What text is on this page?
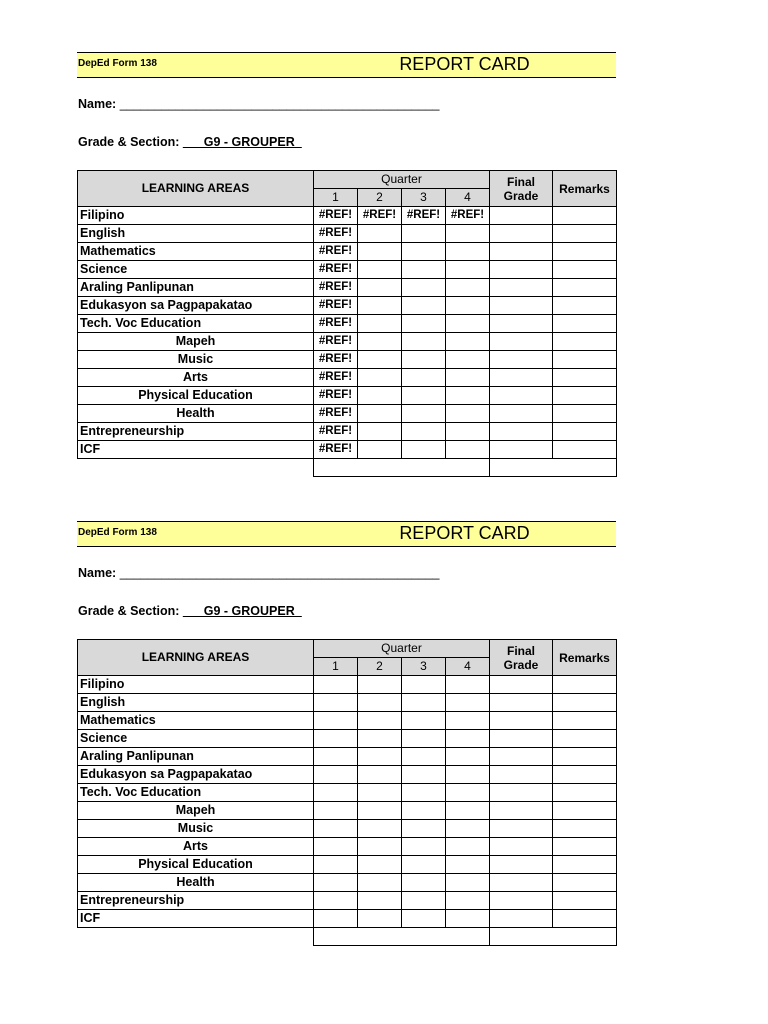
DepEd Form 138	REPORT CARD
Name: ______________________________________________
Grade & Section: ___G9 - GROUPER_
LEARNING AREAS	Quarter				Final Grade	Remarks
	1	2	3	4		
Filipino	#REF!	#REF!	#REF!	#REF!		
English	#REF!					
Mathematics	#REF!					
Science	#REF!					
Araling Panlipunan	#REF!					
Edukasyon sa Pagpapakatao	#REF!					
Tech. Voc Education	#REF!					
Mapeh	#REF!					
Music	#REF!					
Arts	#REF!					
Physical Education	#REF!					
Health	#REF!					
Entrepreneurship	#REF!					
ICF	#REF!					

DepEd Form 138	REPORT CARD
Name: ______________________________________________
Grade & Section: ___G9 - GROUPER_
LEARNING AREAS	Quarter				Final Grade	Remarks
	1	2	3	4		
Filipino						
English						
Mathematics						
Science						
Araling Panlipunan						
Edukasyon sa Pagpapakatao						
Tech. Voc Education						
Mapeh						
Music						
Arts						
Physical Education						
Health						
Entrepreneurship						
ICF						
